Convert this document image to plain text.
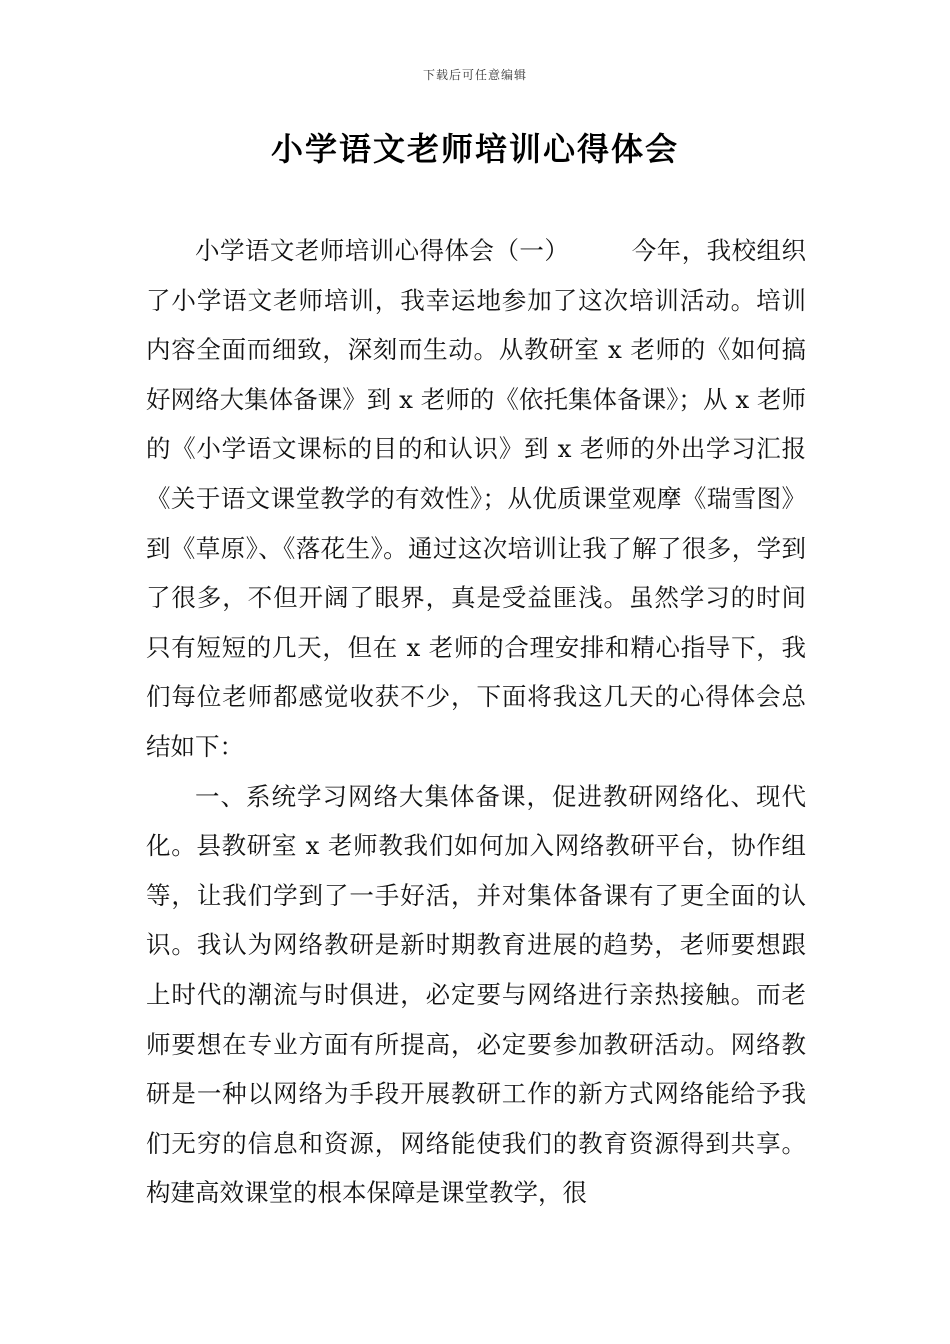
下载后可任意编辑
小学语文老师培训心得体会

小学语文老师培训心得体会（一）	今年，我校组织了小学语文老师培训，我幸运地参加了这次培训活动。培训内容全面而细致，深刻而生动。从教研室 x 老师的《如何搞好网络大集体备课》到 x 老师的《依托集体备课》；从 x 老师的《小学语文课标的目的和认识》到 x 老师的外出学习汇报《关于语文课堂教学的有效性》；从优质课堂观摩《瑞雪图》到《草原》、《落花生》。通过这次培训让我了解了很多，学到了很多，不但开阔了眼界，真是受益匪浅。虽然学习的时间只有短短的几天，但在 x 老师的合理安排和精心指导下，我们每位老师都感觉收获不少，下面将我这几天的心得体会总结如下：

一、系统学习网络大集体备课，促进教研网络化、现代化。县教研室 x 老师教我们如何加入网络教研平台，协作组等，让我们学到了一手好活，并对集体备课有了更全面的认识。我认为网络教研是新时期教育进展的趋势，老师要想跟上时代的潮流与时俱进，必定要与网络进行亲热接触。而老师要想在专业方面有所提高，必定要参加教研活动。网络教研是一种以网络为手段开展教研工作的新方式网络能给予我们无穷的信息和资源，网络能使我们的教育资源得到共享。构建高效课堂的根本保障是课堂教学，很
